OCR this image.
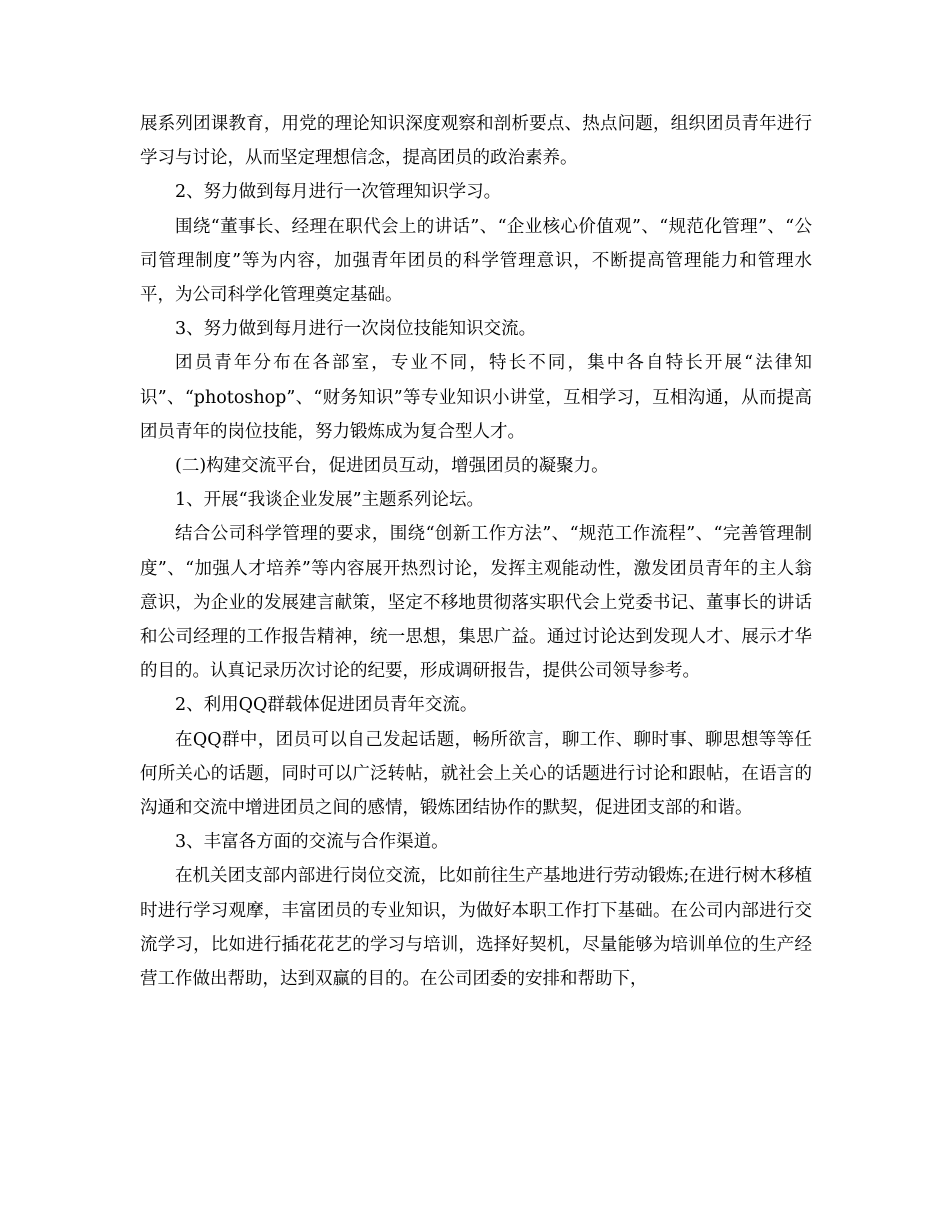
展系列团课教育，用党的理论知识深度观察和剖析要点、热点问题，组织团员青年进行学习与讨论，从而坚定理想信念，提高团员的政治素养。

2、努力做到每月进行一次管理知识学习。

围绕“董事长、经理在职代会上的讲话”、“企业核心价值观”、“规范化管理”、“公司管理制度”等为内容，加强青年团员的科学管理意识，不断提高管理能力和管理水平，为公司科学化管理奠定基础。

3、努力做到每月进行一次岗位技能知识交流。

团员青年分布在各部室，专业不同，特长不同，集中各自特长开展“法律知识”、“photoshop”、“财务知识”等专业知识小讲堂，互相学习，互相沟通，从而提高团员青年的岗位技能，努力锻炼成为复合型人才。

(二)构建交流平台，促进团员互动，增强团员的凝聚力。

1、开展“我谈企业发展”主题系列论坛。

结合公司科学管理的要求，围绕“创新工作方法”、“规范工作流程”、“完善管理制度”、“加强人才培养”等内容展开热烈讨论，发挥主观能动性，激发团员青年的主人翁意识，为企业的发展建言献策，坚定不移地贯彻落实职代会上党委书记、董事长的讲话和公司经理的工作报告精神，统一思想，集思广益。通过讨论达到发现人才、展示才华的目的。认真记录历次讨论的纪要，形成调研报告，提供公司领导参考。

2、利用QQ群载体促进团员青年交流。

在QQ群中，团员可以自己发起话题，畅所欲言，聊工作、聊时事、聊思想等等任何所关心的话题，同时可以广泛转帖，就社会上关心的话题进行讨论和跟帖，在语言的沟通和交流中增进团员之间的感情，锻炼团结协作的默契，促进团支部的和谐。

3、丰富各方面的交流与合作渠道。

在机关团支部内部进行岗位交流，比如前往生产基地进行劳动锻炼;在进行树木移植时进行学习观摩，丰富团员的专业知识，为做好本职工作打下基础。在公司内部进行交流学习，比如进行插花花艺的学习与培训，选择好契机，尽量能够为培训单位的生产经营工作做出帮助，达到双赢的目的。在公司团委的安排和帮助下，
